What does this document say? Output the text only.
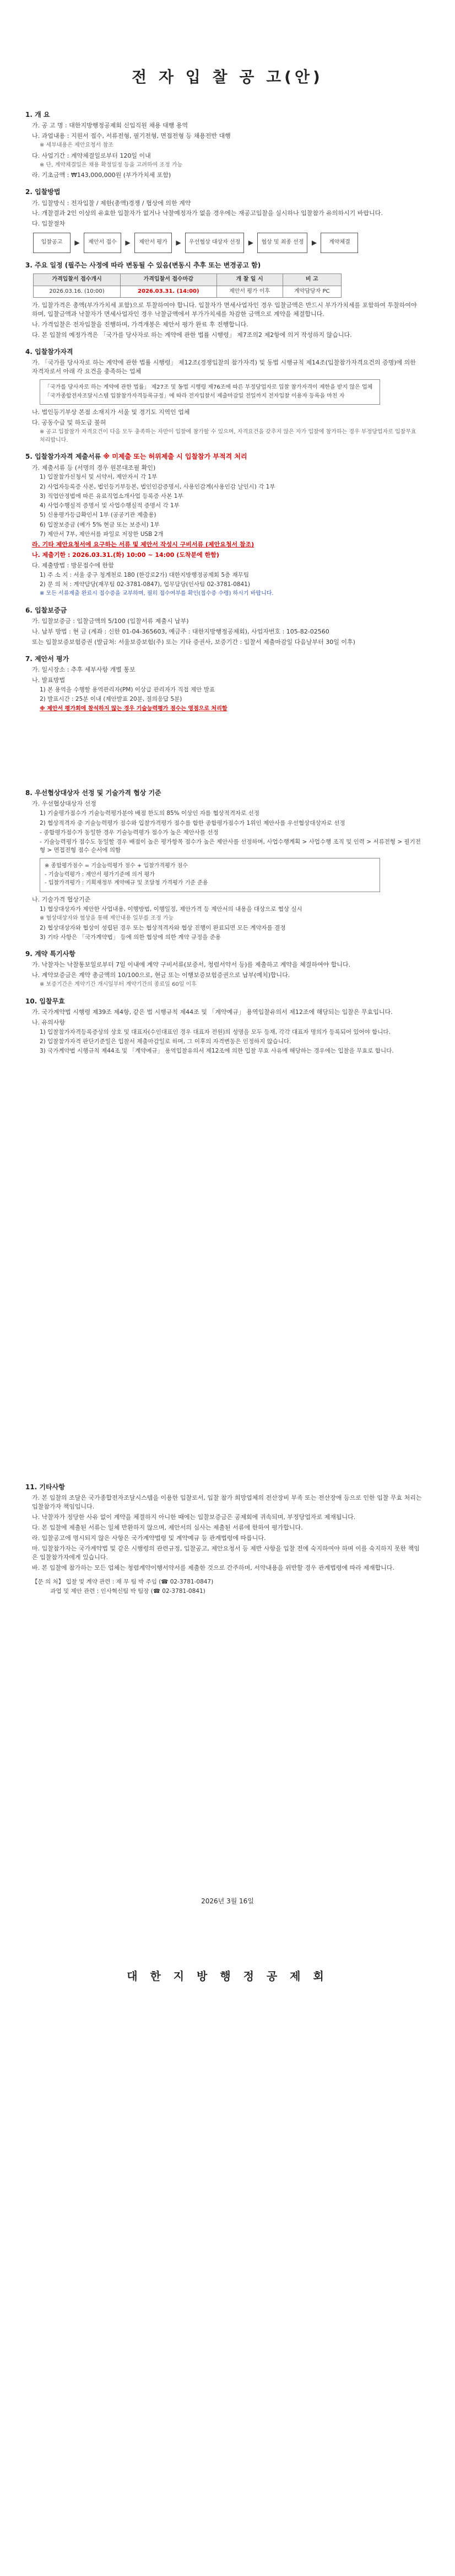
전 자 입 찰 공 고(안)
1. 개 요
가. 공 고 명 : 대한지방행정공제회 신입직원 채용 대행 용역
나. 과업내용 : 지원서 접수, 서류전형, 필기전형, 면접전형 등 채용전반 대행
※ 세부내용은 제안요청서 참조
다. 사업기간 : 계약체결일로부터 120일 이내
※ 단, 계약체결일은 채용 확정일정 등을 고려하여 조정 가능
라. 기초금액 : ₩143,000,000원 (부가가치세 포함)
2. 입찰방법
가. 입찰방식 : 전자입찰 / 제한(총액)경쟁 / 협상에 의한 계약
나. 개찰결과 2인 이상의 유효한 입찰자가 없거나 낙찰예정자가 없을 경우에는 재공고입찰을 실시하나 입찰참가 유의하시기 바랍니다.
다. 입찰절차
입찰공고	▶	제안서 접수	▶	제안서 평가	▶	우선협상 대상자 선정	▶	협상 및 최종 선정	▶	계약체결
3. 주요 일정 (필주는 사정에 따라 변동될 수 있음(변동시 추후 또는 변경공고 함)
가격입찰서 접수개시	가격입찰서 접수마감	개 찰 일 시	비 고
2026.03.16. (10:00)	2026.03.31. (14:00)	제안서 평가 이후	계약담당자 PC
가. 입찰가격은 총액(부가가치세 포함)으로 투찰하여야 합니다. 입찰자가 면세사업자인 경우 입찰금액은 반드시 부가가치세를 포함하여 투찰하여야 하며, 입찰금액과 낙찰자가 면세사업자인 경우 낙찰금액에서 부가가치세를 차감한 금액으로 계약을 체결합니다.
나. 가격입찰은 전자입찰을 진행하며, 가격개봉은 제안서 평가 완료 후 진행합니다.
다. 본 입찰의 예정가격은 「국가를 당사자로 하는 계약에 관한 법률 시행령」 제7조의2 제2항에 의거 작성하지 않습니다.
4. 입찰참가자격
가. 「국가를 당사자로 하는 계약에 관한 법률 시행령」 제12조(경쟁입찰의 참가자격) 및 동법 시행규칙 제14조(입찰참가자격요건의 증명)에 의한 자격자로서 아래 각 요건을 충족하는 업체
「국가를 당사자로 하는 계약에 관한 법률」 제27조 및 동법 시행령 제76조에 따른 부정당업자로 입찰 참가자격이 제한을 받지 않은 업체
「국가종합전자조달시스템 입찰참가자격등록규정」에 따라 전자입찰서 제출마감일 전일까지 전자입찰 이용자 등록을 마친 자
나. 법인등기부상 본점 소재지가 서울 및 경기도 지역인 업체
다. 공동수급 및 하도급 불허
※ 공고 입찰참가 자격요건이 다음 모두 충족하는 자만이 입찰에 참가할 수 있으며, 자격요건을 갖추지 않은 자가 입찰에 참가하는 경우 부정당업자로 입찰무효 처리합니다.
5. 입찰참가자격 제출서류 ※ 미제출 또는 허위제출 시 입찰참가 부적격 처리
가. 제출서류 등 (서명의 경우 원본대조필 확인)
1) 입찰참가신청서 및 서약서, 제안자서 각 1부
2) 사업자등록증 사본, 법인등기부등본, 법인인감증명서, 사용인감계(사용인감 날인시) 각 1부
3) 직업안정법에 따른 유료직업소개사업 등록증 사본 1부
4) 사업수행실적 증명서 및 사업수행실적 증명서 각 1부
5) 신용평가등급확인서 1부 (공공기관 제출용)
6) 입찰보증금 (예가 5% 현금 또는 보증서) 1부
7) 제안서 7부, 제안서를 파일로 저장한 USB 2개
라. 기타 제안요청서에 요구하는 서류 및 제안서 작성시 구비서류 (제안요청서 참조)
나. 제출기한 : 2026.03.31.(화) 10:00 ~ 14:00 (도착분에 한함)
다. 제출방법 : 방문접수에 한함
1) 주 소 지 : 서울 중구 청계천로 180 (한강로2가) 대한지방행정공제회 5층 재무팀
2) 문 의 처 : 계약담당(재무팀 02-3781-0847), 업무담당(인사팀 02-3781-0841)
※ 모든 서류제출 완료시 접수증을 교부하며, 필히 접수여부를 확인(접수증 수령) 하시기 바랍니다.
6. 입찰보증금
가. 입찰보증금 : 입찰금액의 5/100 (입찰서류 제출시 납부)
나. 납부 방법 : 현 금 (계좌 : 신한 01-04-365603, 예금주 : 대한지방행정공제회), 사업자번호 : 105-82-02560
또는 입찰보증보험증권 (발급처: 서울보증보험(주) 또는 기타 증권사, 보증기간 : 입찰서 제출마감일 다음날부터 30일 이후)
7. 제안서 평가
가. 일시장소 : 추후 세부사항 개별 통보
나. 발표방법
1) 본 용역을 수행할 용역관리자(PM) 이상급 관리자가 직접 제안 발표
2) 발표시간 : 25분 이내 (제안발표 20분, 질의응답 5분)
※ 제안서 평가회에 참석하지 않는 경우 기술능력평가 점수는 영점으로 처리함
8. 우선협상대상자 선정 및 기술가격 협상 기준
가. 우선협상대상자 선정
1) 기술평가점수가 기술능력평가분야 배점 한도의 85% 이상인 자를 협상적격자로 선정
2) 협상적격자 중 기술능력평가 점수와 입찰가격평가 점수를 합한 종합평가점수가 1위인 제안사를 우선협상대상자로 선정
- 종합평가점수가 동일한 경우 기술능력평가 점수가 높은 제안사를 선정
- 기술능력평가 점수도 동일할 경우 배점이 높은 평가항목 점수가 높은 제안사를 선정하며, 사업수행계획 > 사업수행 조직 및 인력 > 서류전형 > 필기전형 > 면접전형 점수 순서에 의함
※ 종합평가점수 = 기술능력평가 점수 + 입찰가격평가 점수
- 기술능력평가 : 제안서 평가기준에 의거 평가
- 입찰가격평가 : 기획재정부 계약예규 및 조달청 가격평가 기준 준용
나. 기술가격 협상기준
1) 협상대상자가 제안한 사업내용, 이행방법, 이행일정, 제안가격 등 제안서의 내용을 대상으로 협상 실시
※ 협상대상자와 협상을 통해 제안내용 일부를 조정 가능
2) 협상대상자와 협상이 성립된 경우 또는 협상적격자와 협상 진행이 완료되면 모든 계약자를 결정
3) 기타 사항은 「국가계약법」 등에 의한 협상에 의한 계약 규정을 준용
9. 계약 특기사항
가. 낙찰자는 낙찰통보일로부터 7일 이내에 계약 구비서류(보증서, 청렴서약서 등)를 제출하고 계약을 체결하여야 합니다.
나. 계약보증금은 계약 총금액의 10/100으로, 현금 또는 이행보증보험증권으로 납부(예치)합니다.
※ 보증기간은 계약기간 개시일부터 계약기간의 종료일 60일 이후
10. 입찰무효
가. 국가계약법 시행령 제39조 제4항, 같은 법 시행규칙 제44조 및 「계약예규」 용역입찰유의서 제12조에 해당되는 입찰은 무효입니다.
나. 유의사항
1) 입찰참가자격등록증상의 상호 및 대표자(수인대표인 경우 대표자 전원)의 성명을 모두 등재, 각각 대표자 명의가 등록되어 있어야 합니다.
2) 입찰참가자격 판단기준일은 입찰서 제출마감일로 하며, 그 이후의 자격변동은 인정하지 않습니다.
3) 국가계약법 시행규칙 제44조 및 「계약예규」 용역입찰유의서 제12조에 의한 입찰 무효 사유에 해당하는 경우에는 입찰을 무효로 합니다.
11. 기타사항
가. 본 입찰의 조달은 국가종합전자조달시스템을 이용한 입찰로서, 입찰 참가 희망업체의 전산장비 부족 또는 전산장애 등으로 인한 입찰 무효 처리는 입찰참가자 책임입니다.
나. 낙찰자가 정당한 사유 없이 계약을 체결하지 아니한 때에는 입찰보증금은 공제회에 귀속되며, 부정당업자로 제재됩니다.
다. 본 입찰에 제출된 서류는 일체 반환하지 않으며, 제안서의 심사는 제출된 서류에 한하여 평가합니다.
라. 입찰공고에 명시되지 않은 사항은 국가계약법령 및 계약예규 등 관계법령에 따릅니다.
마. 입찰참가자는 국가계약법 및 같은 시행령의 관련규정, 입찰공고, 제안요청서 등 제반 사항을 입찰 전에 숙지하여야 하며 이를 숙지하지 못한 책임은 입찰참가자에게 있습니다.
바. 본 입찰에 참가하는 모든 업체는 청렴계약이행서약서를 제출한 것으로 간주하며, 서약내용을 위반할 경우 관계법령에 따라 제재합니다.
【문 의 처】 입찰 및 계약 관련 : 재 무 팀 박 주임 (☎ 02-3781-0847)
과업 및 제안 관련 : 인사혁신팀 박 팀장 (☎ 02-3781-0841)
2026년 3월 16일
대 한 지 방 행 정 공 제 회
